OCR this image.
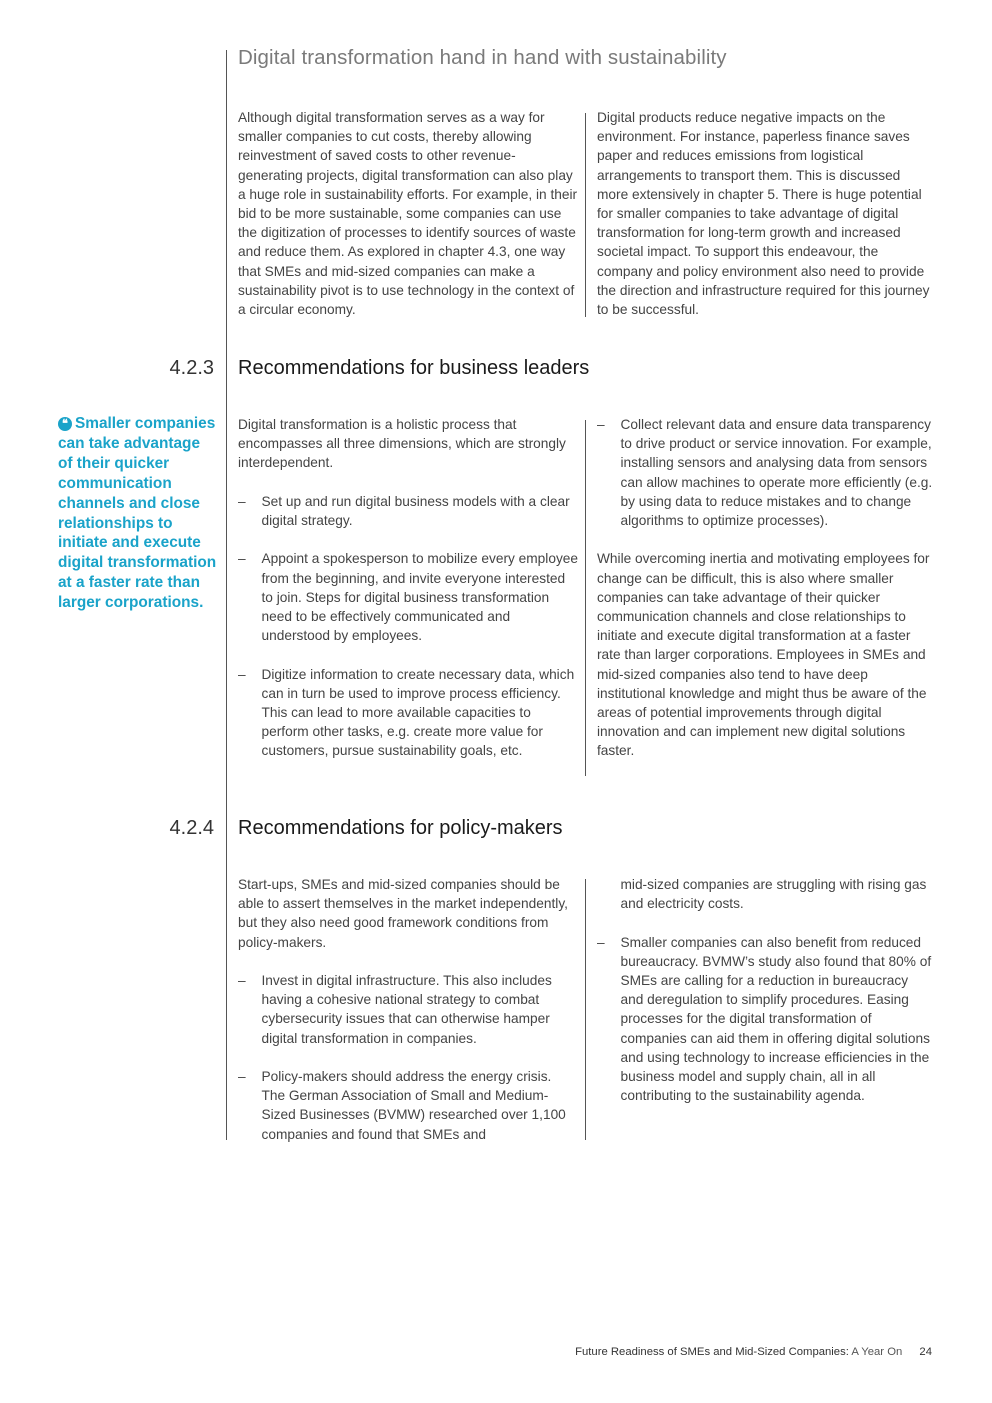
Digital transformation hand in hand with sustainability

Although digital transformation serves as a way for smaller companies to cut costs, thereby allowing reinvestment of saved costs to other revenue-generating projects, digital transformation can also play a huge role in sustainability efforts. For example, in their bid to be more sustainable, some companies can use the digitization of processes to identify sources of waste and reduce them. As explored in chapter 4.3, one way that SMEs and mid-sized companies can make a sustainability pivot is to use technology in the context of a circular economy.

Digital products reduce negative impacts on the environment. For instance, paperless finance saves paper and reduces emissions from logistical arrangements to transport them. This is discussed more extensively in chapter 5. There is huge potential for smaller companies to take advantage of digital transformation for long-term growth and increased societal impact. To support this endeavour, the company and policy environment also need to provide the direction and infrastructure required for this journey to be successful.

4.2.3 Recommendations for business leaders
❝ Smaller companies can take advantage of their quicker communication channels and close relationships to initiate and execute digital transformation at a faster rate than larger corporations.

Digital transformation is a holistic process that encompasses all three dimensions, which are strongly interdependent.

– Set up and run digital business models with a clear digital strategy.

– Appoint a spokesperson to mobilize every employee from the beginning, and invite everyone interested to join. Steps for digital business transformation need to be effectively communicated and understood by employees.

– Digitize information to create necessary data, which can in turn be used to improve process efficiency. This can lead to more available capacities to perform other tasks, e.g. create more value for customers, pursue sustainability goals, etc.

– Collect relevant data and ensure data transparency to drive product or service innovation. For example, installing sensors and analysing data from sensors can allow machines to operate more efficiently (e.g. by using data to reduce mistakes and to change algorithms to optimize processes).

While overcoming inertia and motivating employees for change can be difficult, this is also where smaller companies can take advantage of their quicker communication channels and close relationships to initiate and execute digital transformation at a faster rate than larger corporations. Employees in SMEs and mid-sized companies also tend to have deep institutional knowledge and might thus be aware of the areas of potential improvements through digital innovation and can implement new digital solutions faster.

4.2.4 Recommendations for policy-makers

Start-ups, SMEs and mid-sized companies should be able to assert themselves in the market independently, but they also need good framework conditions from policy-makers.

– Invest in digital infrastructure. This also includes having a cohesive national strategy to combat cybersecurity issues that can otherwise hamper digital transformation in companies.

– Policy-makers should address the energy crisis. The German Association of Small and Medium-Sized Businesses (BVMW) researched over 1,100 companies and found that SMEs and

mid-sized companies are struggling with rising gas and electricity costs.

– Smaller companies can also benefit from reduced bureaucracy. BVMW’s study also found that 80% of SMEs are calling for a reduction in bureaucracy and deregulation to simplify procedures. Easing processes for the digital transformation of companies can aid them in offering digital solutions and using technology to increase efficiencies in the business model and supply chain, all in all contributing to the sustainability agenda.

Future Readiness of SMEs and Mid-Sized Companies: A Year On 24
